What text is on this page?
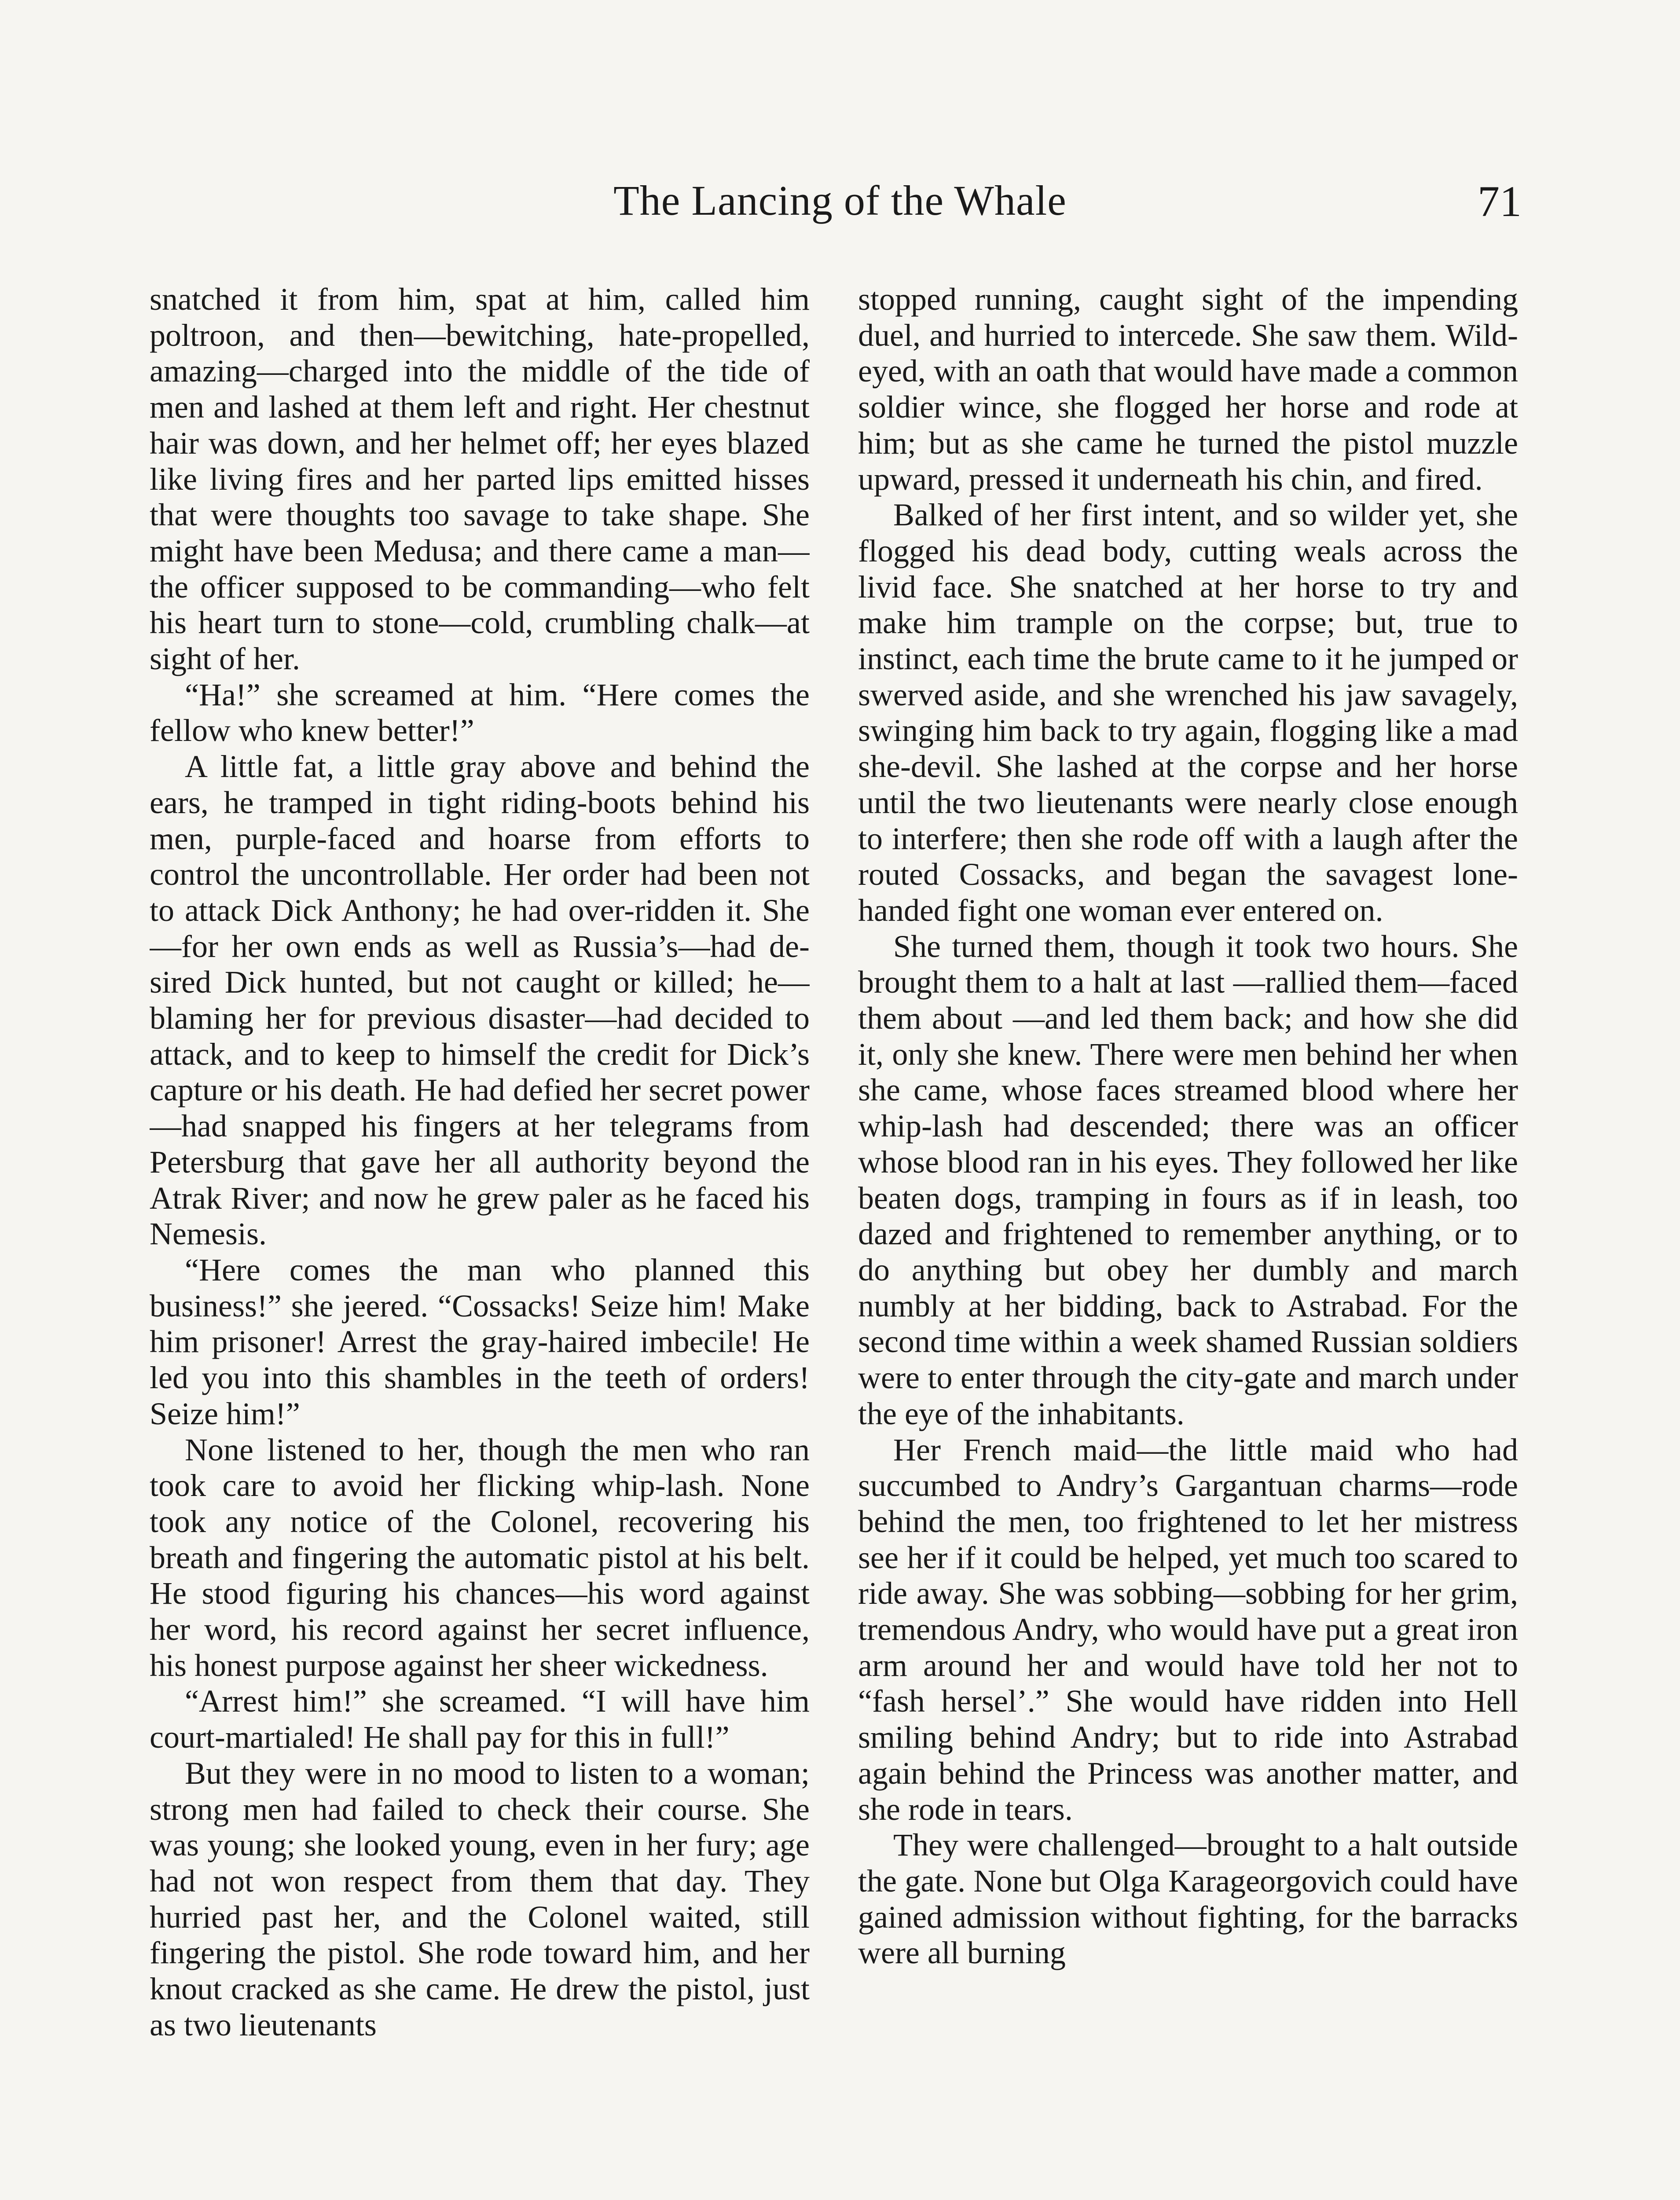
The Lancing of the Whale	71

snatched it from him, spat at him, called him poltroon, and then—bewitching, hate-propelled, amazing—charged into the middle of the tide of men and lashed at them left and right. Her chestnut hair was down, and her helmet off; her eyes blazed like living fires and her parted lips emitted hisses that were thoughts too savage to take shape. She might have been Medusa; and there came a man—the officer supposed to be commanding—who felt his heart turn to stone—cold, crumbling chalk—at sight of her.

“Ha!” she screamed at him. “Here comes the fellow who knew better!”

A little fat, a little gray above and behind the ears, he tramped in tight riding-boots behind his men, purple-faced and hoarse from efforts to control the uncontrollable. Her order had been not to attack Dick Anthony; he had over-ridden it. She—for her own ends as well as Russia’s—had desired Dick hunted, but not caught or killed; he—blaming her for previous disaster—had decided to attack, and to keep to himself the credit for Dick’s capture or his death. He had defied her secret power—had snapped his fingers at her telegrams from Petersburg that gave her all authority beyond the Atrak River; and now he grew paler as he faced his Nemesis.

“Here comes the man who planned this business!” she jeered. “Cossacks! Seize him! Make him prisoner! Arrest the gray-haired imbecile! He led you into this shambles in the teeth of orders! Seize him!”

None listened to her, though the men who ran took care to avoid her flicking whip-lash. None took any notice of the Colonel, recovering his breath and fingering the automatic pistol at his belt. He stood figuring his chances—his word against her word, his record against her secret influence, his honest purpose against her sheer wickedness.

“Arrest him!” she screamed. “I will have him court-martialed! He shall pay for this in full!”

But they were in no mood to listen to a woman; strong men had failed to check their course. She was young; she looked young, even in her fury; age had not won respect from them that day. They hurried past her, and the Colonel waited, still fingering the pistol. She rode toward him, and her knout cracked as she came. He drew the pistol, just as two lieutenants

stopped running, caught sight of the impending duel, and hurried to intercede. She saw them. Wild-eyed, with an oath that would have made a common soldier wince, she flogged her horse and rode at him; but as she came he turned the pistol muzzle upward, pressed it underneath his chin, and fired.

Balked of her first intent, and so wilder yet, she flogged his dead body, cutting weals across the livid face. She snatched at her horse to try and make him trample on the corpse; but, true to instinct, each time the brute came to it he jumped or swerved aside, and she wrenched his jaw savagely, swinging him back to try again, flogging like a mad she-devil. She lashed at the corpse and her horse until the two lieutenants were nearly close enough to interfere; then she rode off with a laugh after the routed Cossacks, and began the savagest lone-handed fight one woman ever entered on.

She turned them, though it took two hours. She brought them to a halt at last —rallied them—faced them about —and led them back; and how she did it, only she knew. There were men behind her when she came, whose faces streamed blood where her whip-lash had descended; there was an officer whose blood ran in his eyes. They followed her like beaten dogs, tramping in fours as if in leash, too dazed and frightened to remember anything, or to do anything but obey her dumbly and march numbly at her bidding, back to Astrabad. For the second time within a week shamed Russian soldiers were to enter through the city-gate and march under the eye of the inhabitants.

Her French maid—the little maid who had succumbed to Andry’s Gargantuan charms—rode behind the men, too frightened to let her mistress see her if it could be helped, yet much too scared to ride away. She was sobbing—sobbing for her grim, tremendous Andry, who would have put a great iron arm around her and would have told her not to “fash hersel’.” She would have ridden into Hell smiling behind Andry; but to ride into Astrabad again behind the Princess was another matter, and she rode in tears.

They were challenged—brought to a halt outside the gate. None but Olga Karageorgovich could have gained admission without fighting, for the barracks were all burning
